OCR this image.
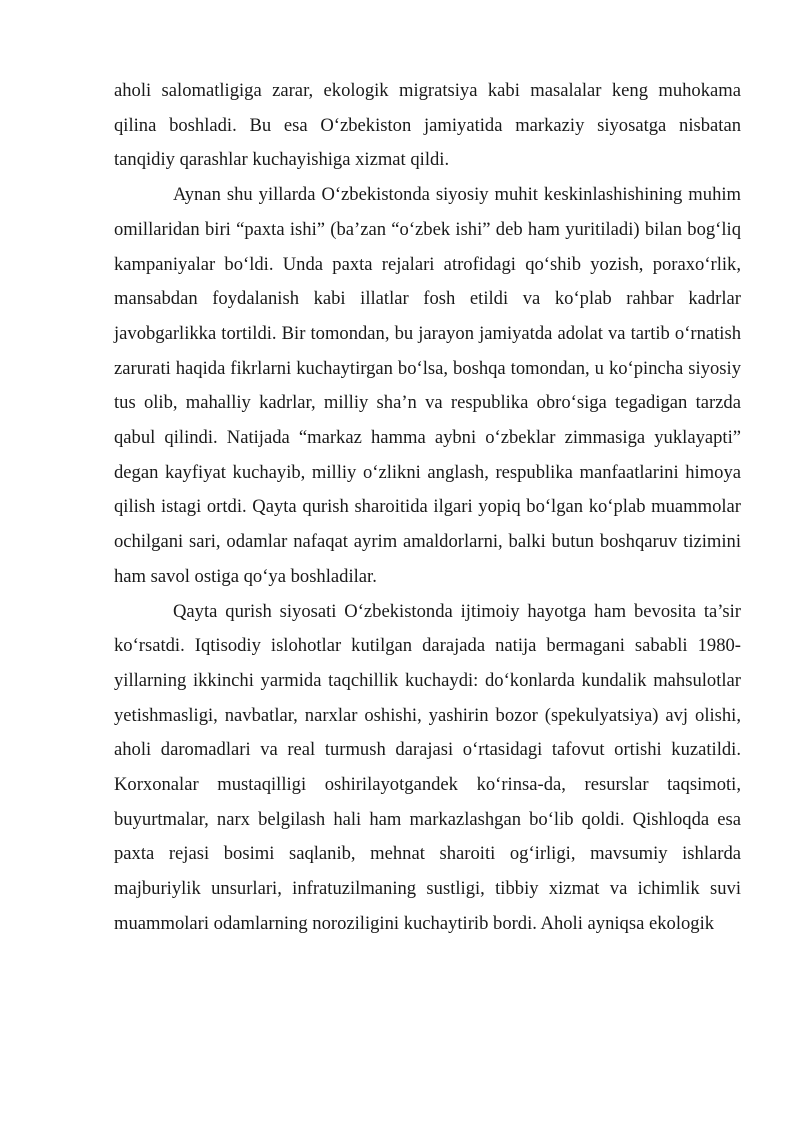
aholi salomatligiga zarar, ekologik migratsiya kabi masalalar keng muhokama qilina boshladi. Bu esa O‘zbekiston jamiyatida markaziy siyosatga nisbatan tanqidiy qarashlar kuchayishiga xizmat qildi.

Aynan shu yillarda O‘zbekistonda siyosiy muhit keskinlashishining muhim omillaridan biri “paxta ishi” (ba’zan “o‘zbek ishi” deb ham yuritiladi) bilan bog‘liq kampaniyalar bo‘ldi. Unda paxta rejalari atrofidagi qo‘shib yozish, poraxo‘rlik, mansabdan foydalanish kabi illatlar fosh etildi va ko‘plab rahbar kadrlar javobgarlikka tortildi. Bir tomondan, bu jarayon jamiyatda adolat va tartib o‘rnatish zarurati haqida fikrlarni kuchaytirgan bo‘lsa, boshqa tomondan, u ko‘pincha siyosiy tus olib, mahalliy kadrlar, milliy sha’n va respublika obro‘siga tegadigan tarzda qabul qilindi. Natijada “markaz hamma aybni o‘zbeklar zimmasiga yuklayapti” degan kayfiyat kuchayib, milliy o‘zlikni anglash, respublika manfaatlarini himoya qilish istagi ortdi. Qayta qurish sharoitida ilgari yopiq bo‘lgan ko‘plab muammolar ochilgani sari, odamlar nafaqat ayrim amaldorlarni, balki butun boshqaruv tizimini ham savol ostiga qo‘ya boshladilar.

Qayta qurish siyosati O‘zbekistonda ijtimoiy hayotga ham bevosita ta’sir ko‘rsatdi. Iqtisodiy islohotlar kutilgan darajada natija bermagani sababli 1980-yillarning ikkinchi yarmida taqchillik kuchaydi: do‘konlarda kundalik mahsulotlar yetishmasligi, navbatlar, narxlar oshishi, yashirin bozor (spekulyatsiya) avj olishi, aholi daromadlari va real turmush darajasi o‘rtasidagi tafovut ortishi kuzatildi. Korxonalar mustaqilligi oshirilayotgandek ko‘rinsa-da, resurslar taqsimoti, buyurtmalar, narx belgilash hali ham markazlashgan bo‘lib qoldi. Qishloqda esa paxta rejasi bosimi saqlanib, mehnat sharoiti og‘irligi, mavsumiy ishlarda majburiylik unsurlari, infratuzilmaning sustligi, tibbiy xizmat va ichimlik suvi muammolari odamlarning noroziligini kuchaytirib bordi. Aholi ayniqsa ekologik
